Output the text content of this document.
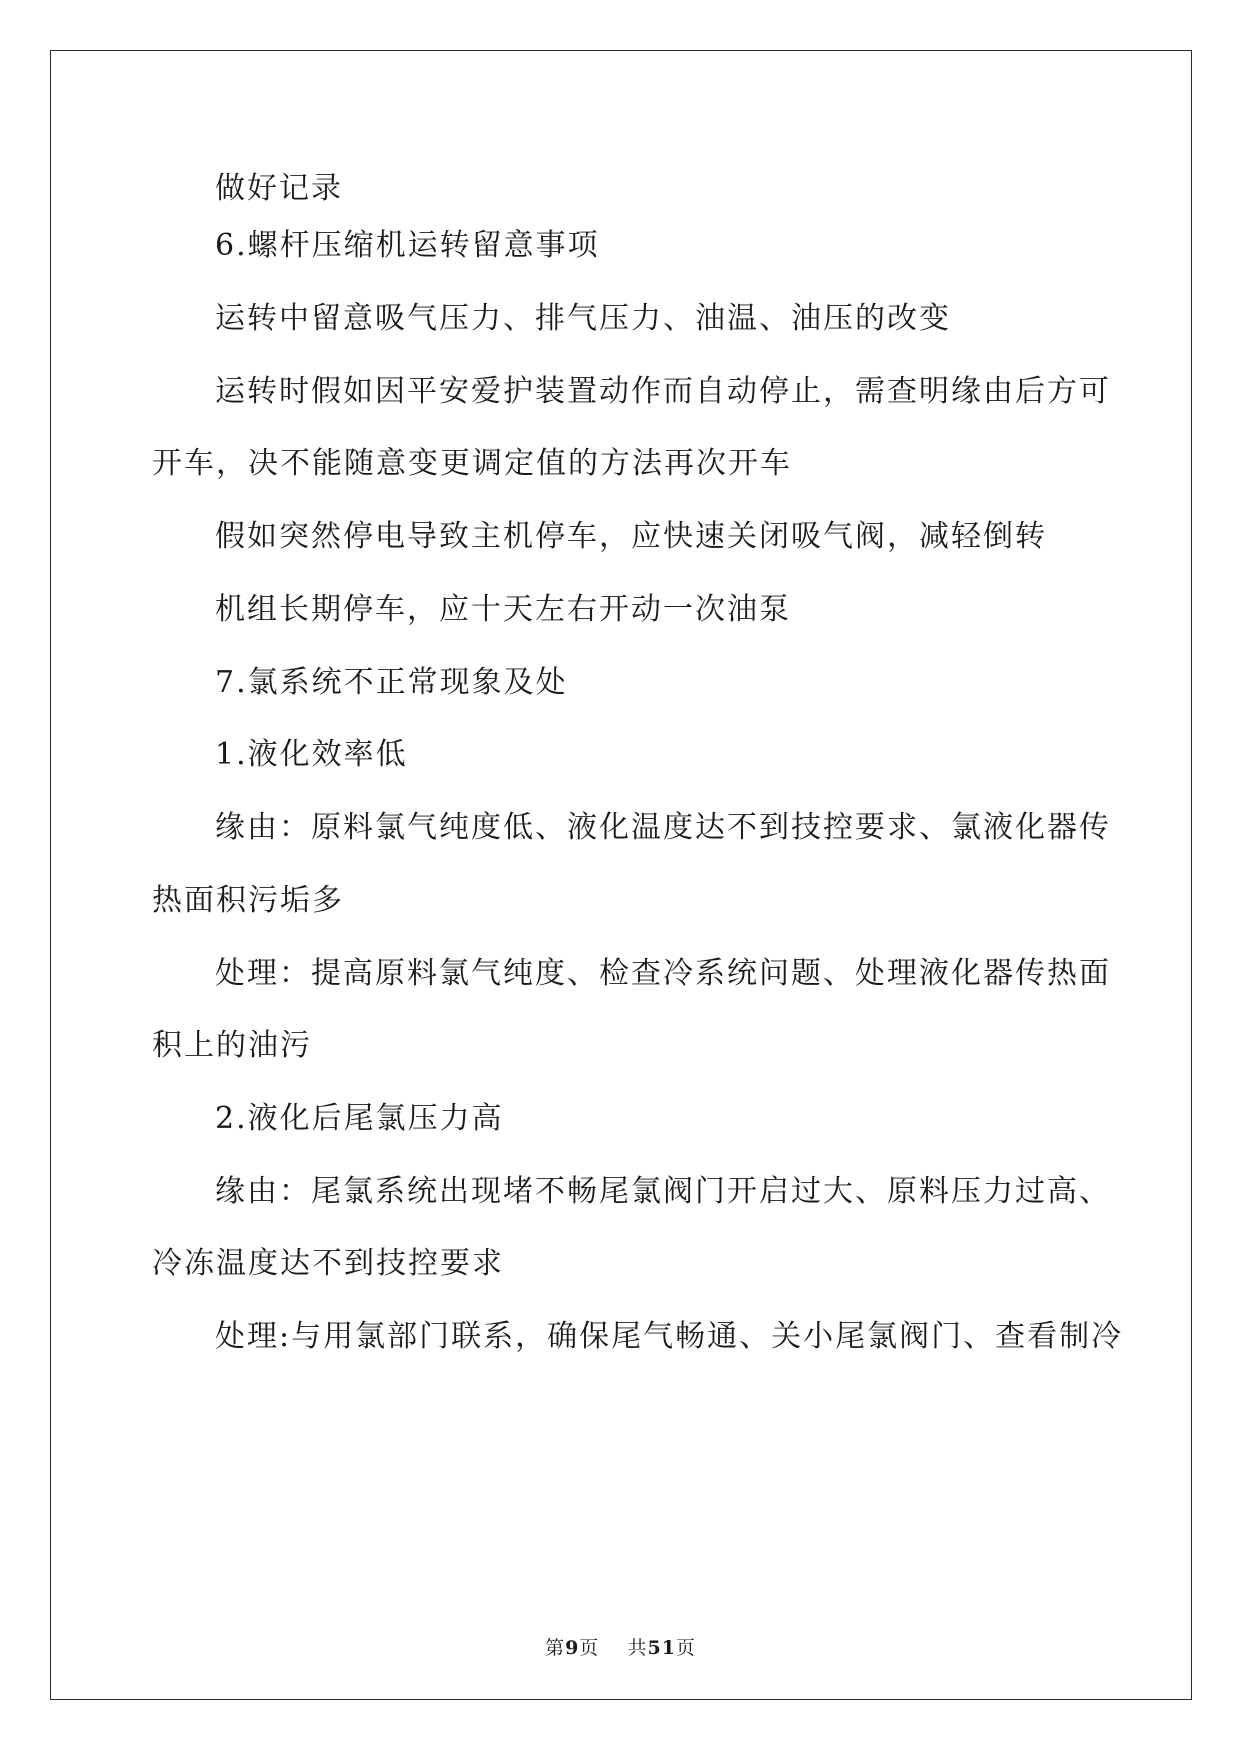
做好记录
6.螺杆压缩机运转留意事项
运转中留意吸气压力、排气压力、油温、油压的改变
运转时假如因平安爱护装置动作而自动停止，需查明缘由后方可
开车，决不能随意变更调定值的方法再次开车
假如突然停电导致主机停车，应快速关闭吸气阀，减轻倒转
机组长期停车，应十天左右开动一次油泵
7.氯系统不正常现象及处
1.液化效率低
缘由：原料氯气纯度低、液化温度达不到技控要求、氯液化器传
热面积污垢多
处理：提高原料氯气纯度、检查冷系统问题、处理液化器传热面
积上的油污
2.液化后尾氯压力高
缘由：尾氯系统出现堵不畅尾氯阀门开启过大、原料压力过高、
冷冻温度达不到技控要求
处理:与用氯部门联系，确保尾气畅通、关小尾氯阀门、查看制冷
第9页    共51页
